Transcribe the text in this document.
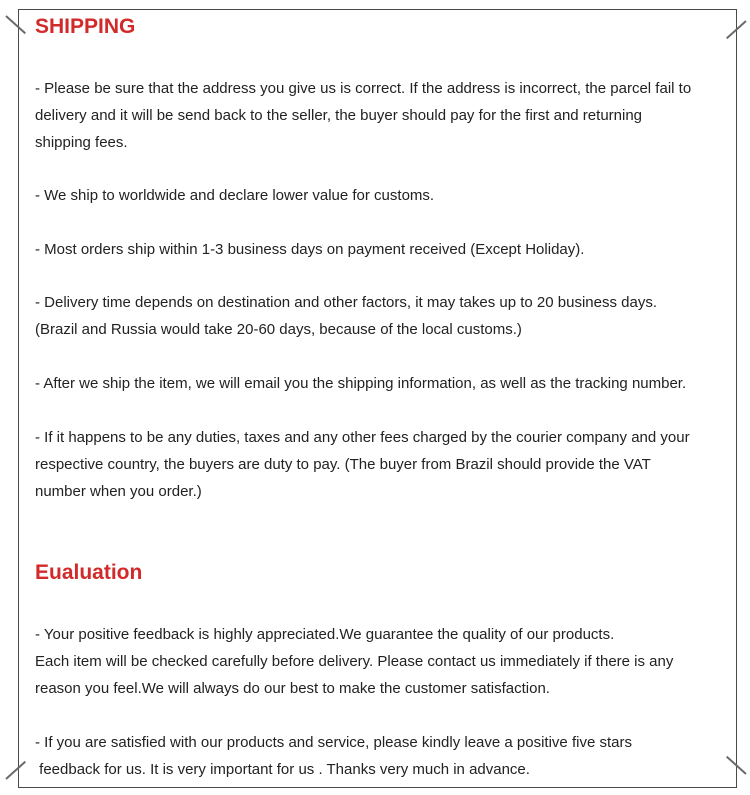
SHIPPING

- Please be sure that the address you give us is correct. If the address is incorrect, the parcel fail to
delivery and it will be send back to the seller, the buyer should pay for the first and returning
shipping fees.

- We ship to worldwide and declare lower value for customs.

- Most orders ship within 1-3 business days on payment received (Except Holiday).

- Delivery time depends on destination and other factors, it may takes up to 20 business days.
(Brazil and Russia would take 20-60 days, because of the local customs.)

- After we ship the item, we will email you the shipping information, as well as the tracking number.

- If it happens to be any duties, taxes and any other fees charged by the courier company and your
respective country, the buyers are duty to pay. (The buyer from Brazil should provide the VAT
number when you order.)

Eualuation

- Your positive feedback is highly appreciated.We guarantee the quality of our products.
Each item will be checked carefully before delivery. Please contact us immediately if there is any
reason you feel.We will always do our best to make the customer satisfaction.

- If you are satisfied with our products and service, please kindly leave a positive five stars
feedback for us. It is very important for us . Thanks very much in advance.
